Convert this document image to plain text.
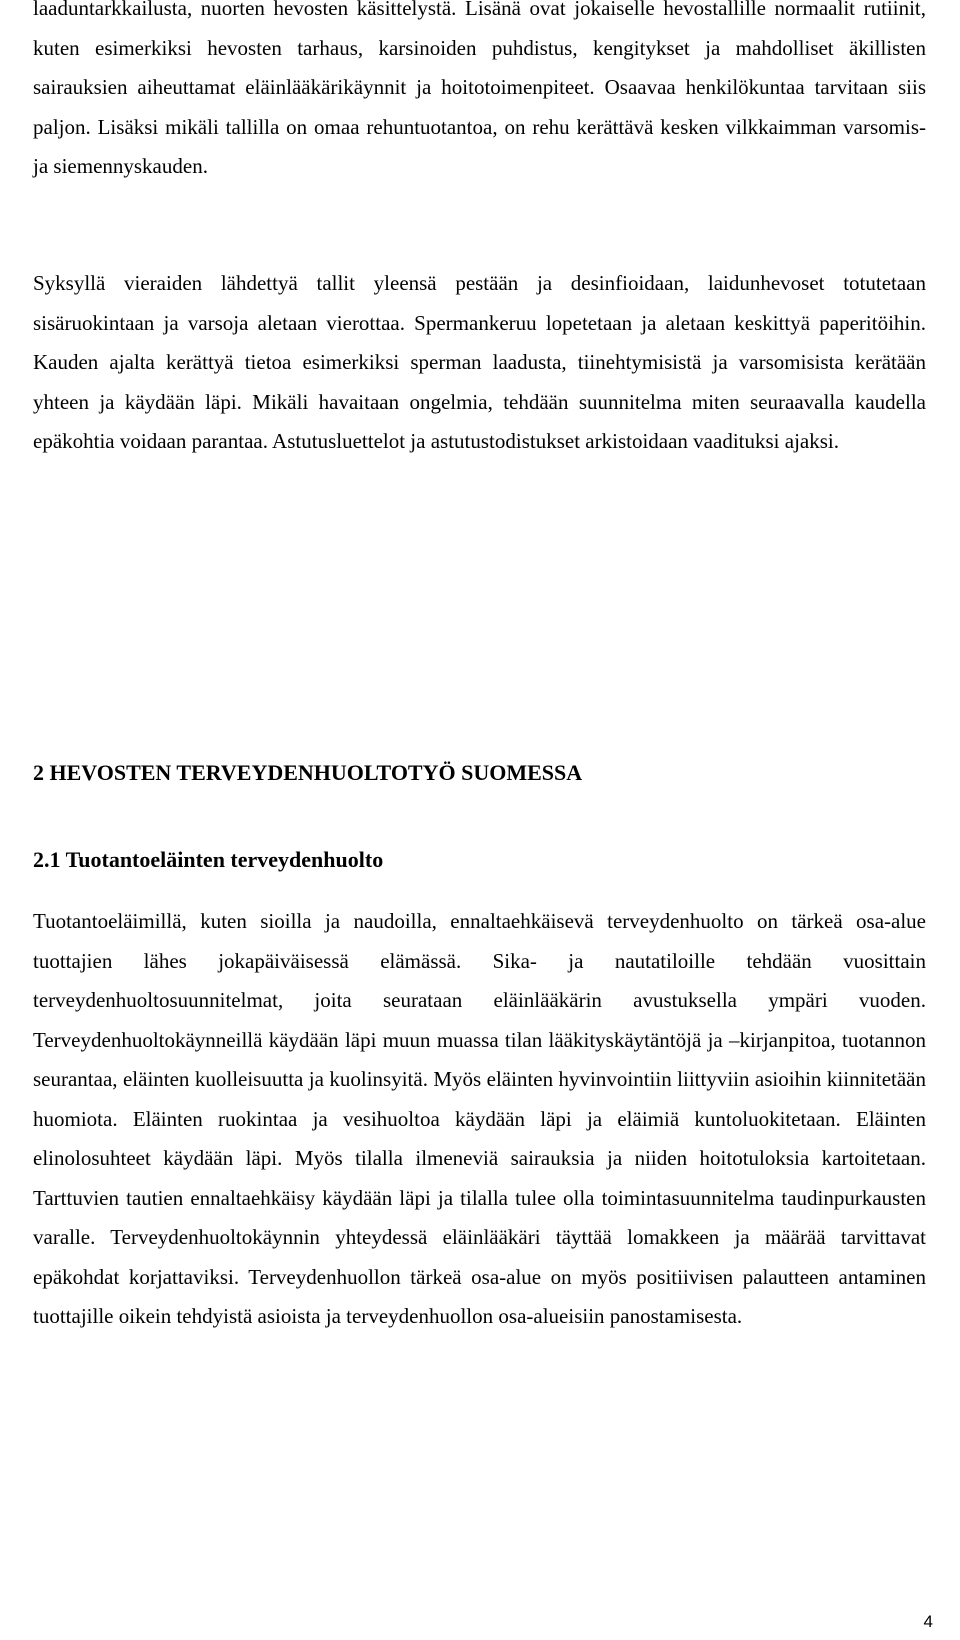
laaduntarkkailusta, nuorten hevosten käsittelystä. Lisänä ovat jokaiselle hevostallille normaalit rutiinit, kuten esimerkiksi hevosten tarhaus, karsinoiden puhdistus, kengitykset ja mahdolliset äkillisten sairauksien aiheuttamat eläinlääkärikäynnit ja hoitotoimenpiteet. Osaavaa henkilökuntaa tarvitaan siis paljon. Lisäksi mikäli tallilla on omaa rehuntuotantoa, on rehu kerättävä kesken vilkkaimman varsomis- ja siemennyskauden.

Syksyllä vieraiden lähdettyä tallit yleensä pestään ja desinfioidaan, laidunhevoset totutetaan sisäruokintaan ja varsoja aletaan vierottaa. Spermankeruu lopetetaan ja aletaan keskittyä paperitöihin. Kauden ajalta kerättyä tietoa esimerkiksi sperman laadusta, tiinehtymisistä ja varsomisista kerätään yhteen ja käydään läpi. Mikäli havaitaan ongelmia, tehdään suunnitelma miten seuraavalla kaudella epäkohtia voidaan parantaa. Astutusluettelot ja astutustodistukset arkistoidaan vaadituksi ajaksi.

2 HEVOSTEN TERVEYDENHUOLTOTYÖ SUOMESSA
2.1 Tuotantoeläinten terveydenhuolto

Tuotantoeläimillä, kuten sioilla ja naudoilla, ennaltaehkäisevä terveydenhuolto on tärkeä osa-alue tuottajien lähes jokapäiväisessä elämässä. Sika- ja nautatiloille tehdään vuosittain terveydenhuoltosuunnitelmat, joita seurataan eläinlääkärin avustuksella ympäri vuoden. Terveydenhuoltokäynneillä käydään läpi muun muassa tilan lääkityskäytäntöjä ja –kirjanpitoa, tuotannon seurantaa, eläinten kuolleisuutta ja kuolinsyitä. Myös eläinten hyvinvointiin liittyviin asioihin kiinnitetään huomiota. Eläinten ruokintaa ja vesihuoltoa käydään läpi ja eläimiä kuntoluokitetaan. Eläinten elinolosuhteet käydään läpi. Myös tilalla ilmeneviä sairauksia ja niiden hoitotuloksia kartoitetaan. Tarttuvien tautien ennaltaehkäisy käydään läpi ja tilalla tulee olla toimintasuunnitelma taudinpurkausten varalle. Terveydenhuoltokäynnin yhteydessä eläinlääkäri täyttää lomakkeen ja määrää tarvittavat epäkohdat korjattaviksi. Terveydenhuollon tärkeä osa-alue on myös positiivisen palautteen antaminen tuottajille oikein tehdyistä asioista ja terveydenhuollon osa-alueisiin panostamisesta.

4
